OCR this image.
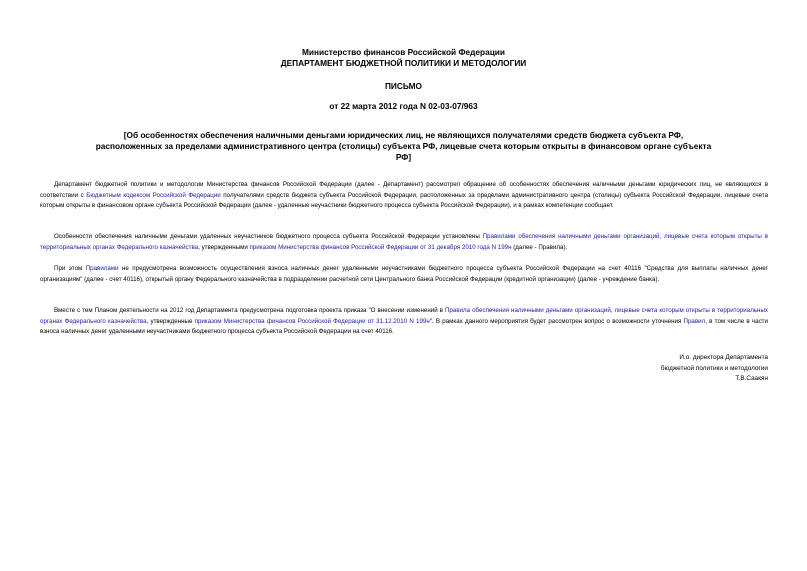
Министерство финансов Российской Федерации
ДЕПАРТАМЕНТ БЮДЖЕТНОЙ ПОЛИТИКИ И МЕТОДОЛОГИИ
ПИСЬМО
от 22 марта 2012 года N 02-03-07/963
[Об особенностях обеспечения наличными деньгами юридических лиц, не являющихся получателями средств бюджета субъекта РФ, расположенных за пределами административного центра (столицы) субъекта РФ, лицевые счета которым открыты в финансовом органе субъекта РФ]
Департамент бюджетной политики и методологии Министерства финансов Российской Федерации (далее - Департамент) рассмотрел обращение об особенностях обеспечения наличными деньгами юридических лиц, не являющихся в соответствии с Бюджетным кодексом Российской Федерации получателями средств бюджета субъекта Российской Федерации, расположенных за пределами административного центра (столицы) субъекта Российской Федерации, лицевые счета которым открыты в финансовом органе субъекта Российской Федерации (далее - удаленные неучастники бюджетного процесса субъекта Российской Федерации), и в рамках компетенции сообщает.
Особенности обеспечения наличными деньгами удаленных неучастников бюджетного процесса субъекта Российской Федерации установлены Правилами обеспечения наличными деньгами организаций, лицевые счета которым открыты в территориальных органах Федерального казначейства, утвержденными приказом Министерства финансов Российской Федерации от 31 декабря 2010 года N 199н (далее - Правила).
При этом Правилами не предусмотрена возможность осуществления взноса наличных денег удаленными неучастниками бюджетного процесса субъекта Российской Федерации на счет 40116 "Средства для выплаты наличных денег организациям" (далее - счет 40116), открытый органу Федерального казначейства в подразделении расчетной сети Центрального банка Российской Федерации (кредитной организации) (далее - учреждение банка).
Вместе с тем Планом деятельности на 2012 год Департамента предусмотрена подготовка проекта приказа "О внесении изменений в Правила обеспечения наличными деньгами организаций, лицевые счета которым открыты в территориальных органах Федерального казначейства, утвержденные приказом Министерства финансов Российской Федерации от 31.12.2010 N 199н". В рамках данного мероприятия будет рассмотрен вопрос о возможности уточнения Правил, в том числе в части взноса наличных денег удаленными неучастниками бюджетного процесса субъекта Российской Федерации на счет 40116.
И.о. директора Департамента
бюджетной политики и методологии
Т.В.Саакян
